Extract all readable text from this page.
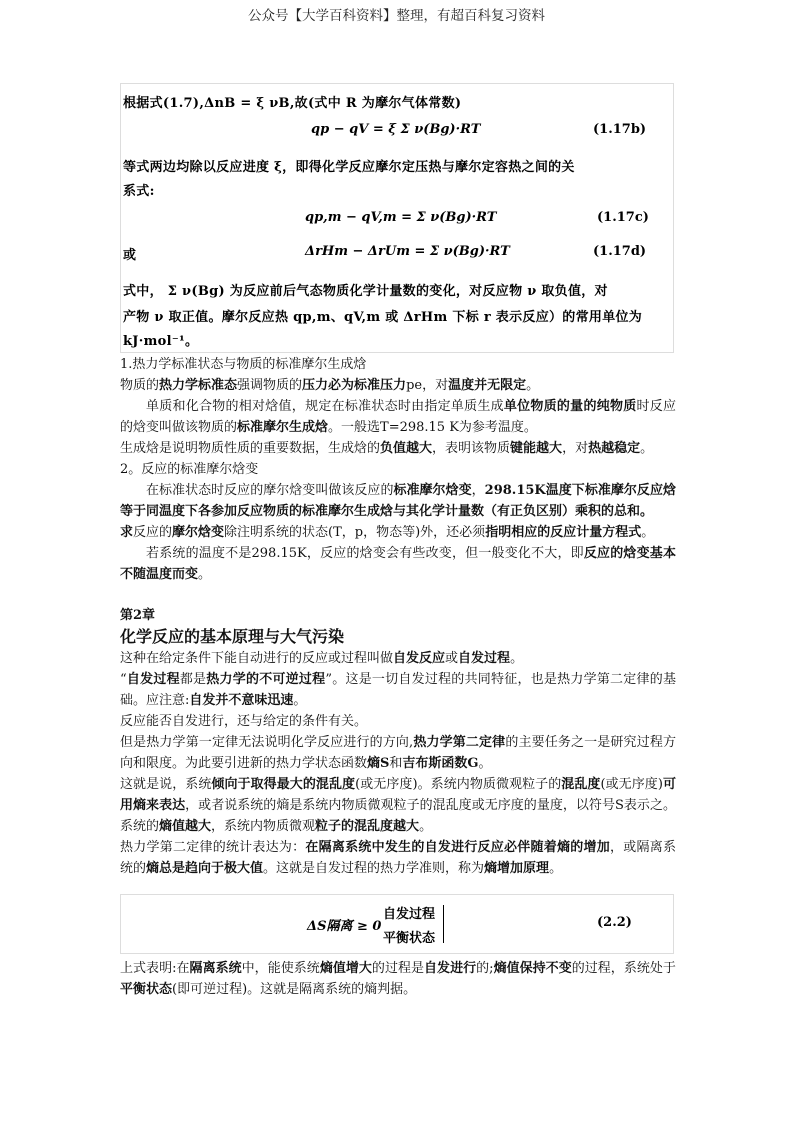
公众号【大学百科资料】整理，有超百科复习资料
根据式(1.7),ΔnB = ξ νB,故(式中 R 为摩尔气体常数)
qp − qV = ξ Σ ν(Bg)·RT	(1.17b)
等式两边均除以反应进度 ξ，即得化学反应摩尔定压热与摩尔定容热之间的关
系式:
qp,m − qV,m = Σ ν(Bg)·RT	(1.17c)
或	ΔrHm − ΔrUm = Σ ν(Bg)·RT	(1.17d)
式中， Σ ν(Bg) 为反应前后气态物质化学计量数的变化，对反应物 ν 取负值，对
产物 ν 取正值。摩尔反应热 qp,m、qV,m 或 ΔrHm 下标 r 表示反应）的常用单位为
kJ·mol⁻¹。

1.热力学标准状态与物质的标准摩尔生成焓

物质的热力学标准态强调物质的压力必为标准压力pe，对温度并无限定。

单质和化合物的相对焓值，规定在标准状态时由指定单质生成单位物质的量的纯物质时反应的焓变叫做该物质的标准摩尔生成焓。一般选T=298.15 K为参考温度。

生成焓是说明物质性质的重要数据，生成焓的负值越大，表明该物质键能越大，对热越稳定。

2。反应的标准摩尔焓变

在标准状态时反应的摩尔焓变叫做该反应的标准摩尔焓变，298.15K温度下标准摩尔反应焓等于同温度下各参加反应物质的标准摩尔生成焓与其化学计量数（有正负区别）乘积的总和。

求反应的摩尔焓变除注明系统的状态(T，p，物态等)外，还必须指明相应的反应计量方程式。

若系统的温度不是298.15K，反应的焓变会有些改变，但一般变化不大，即反应的焓变基本不随温度而变。

第2章

化学反应的基本原理与大气污染

这种在给定条件下能自动进行的反应或过程叫做自发反应或自发过程。

“自发过程都是热力学的不可逆过程”。这是一切自发过程的共同特征，也是热力学第二定律的基础。应注意:自发并不意味迅速。

反应能否自发进行，还与给定的条件有关。

但是热力学第一定律无法说明化学反应进行的方向,热力学第二定律的主要任务之一是研究过程方向和限度。为此要引进新的热力学状态函数熵S和吉布斯函数G。

这就是说，系统倾向于取得最大的混乱度(或无序度)。系统内物质微观粒子的混乱度(或无序度)可用熵来表达，或者说系统的熵是系统内物质微观粒子的混乱度或无序度的量度，以符号S表示之。系统的熵值越大，系统内物质微观粒子的混乱度越大。

热力学第二定律的统计表达为：在隔离系统中发生的自发进行反应必伴随着熵的增加，或隔离系统的熵总是趋向于极大值。这就是自发过程的热力学准则，称为熵增加原理。

ΔS隔离 ≥ 0
自发过程
平衡状态
(2.2)

上式表明:在隔离系统中，能使系统熵值增大的过程是自发进行的;熵值保持不变的过程，系统处于平衡状态(即可逆过程)。这就是隔离系统的熵判据。
